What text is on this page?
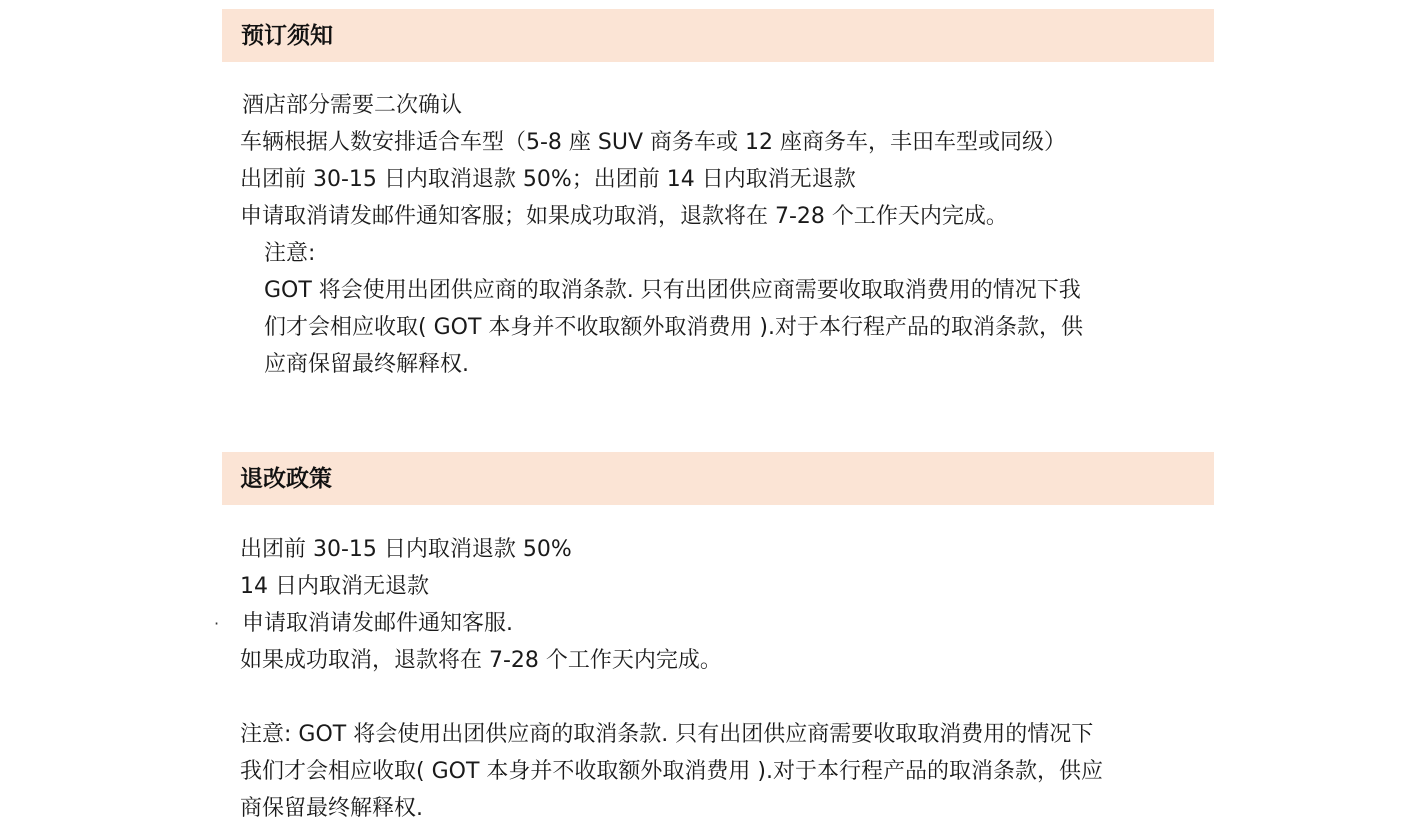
预订须知
酒店部分需要二次确认
车辆根据人数安排适合车型（5-8 座 SUV 商务车或 12 座商务车，丰田车型或同级）
出团前 30-15 日内取消退款 50%；出团前 14 日内取消无退款
申请取消请发邮件通知客服；如果成功取消，退款将在 7-28 个工作天内完成。
注意:
GOT 将会使用出团供应商的取消条款. 只有出团供应商需要收取取消费用的情况下我
们才会相应收取( GOT 本身并不收取额外取消费用 ).对于本行程产品的取消条款，供
应商保留最终解释权.
退改政策
出团前 30-15 日内取消退款 50%
14 日内取消无退款
· 申请取消请发邮件通知客服.
如果成功取消，退款将在 7-28 个工作天内完成。
注意: GOT 将会使用出团供应商的取消条款. 只有出团供应商需要收取取消费用的情况下
我们才会相应收取( GOT 本身并不收取额外取消费用 ).对于本行程产品的取消条款，供应
商保留最终解释权.
